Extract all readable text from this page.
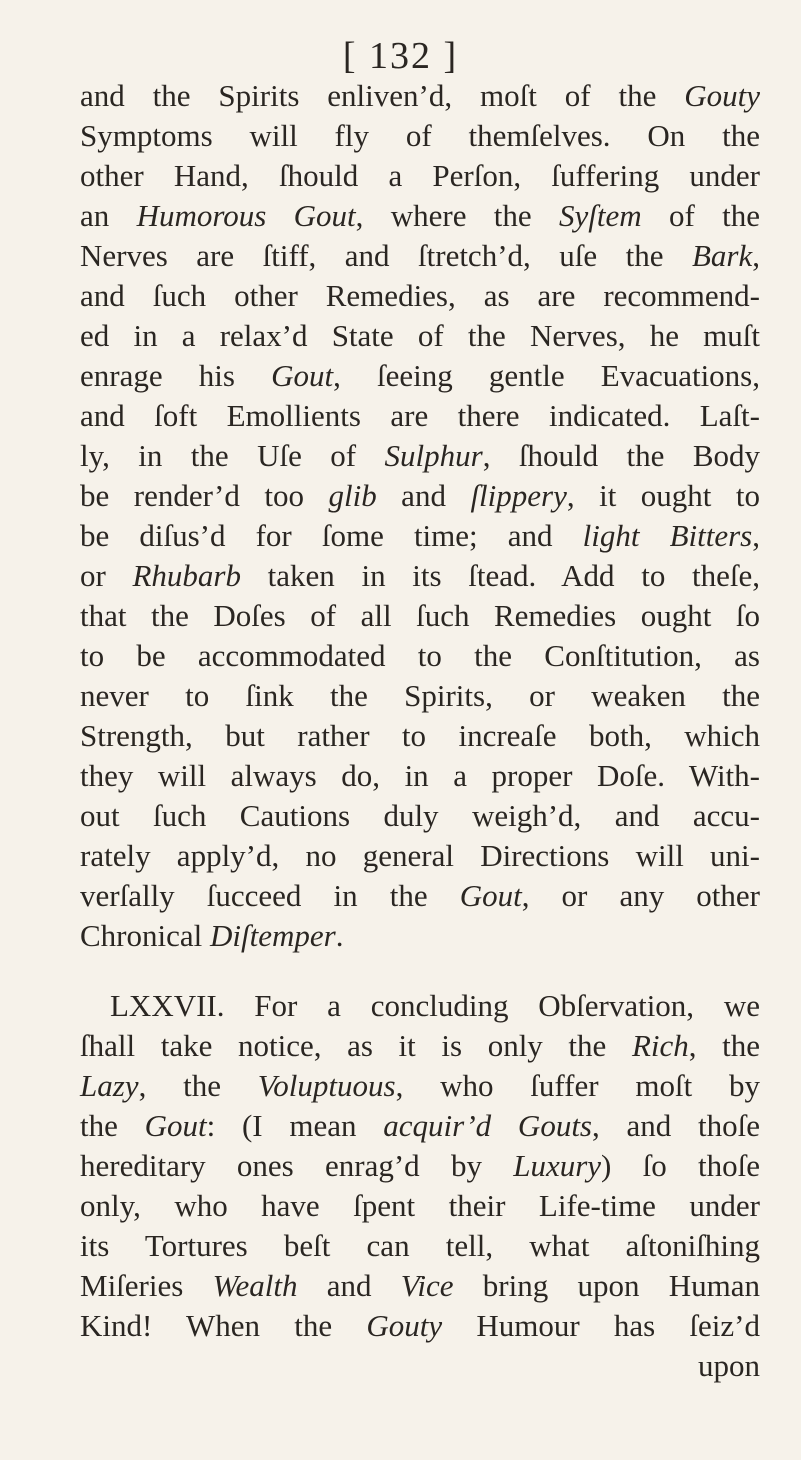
[ 132 ]
and the Spirits enliven’d, moſt of the Gouty
Symptoms will fly of themſelves. On the
other Hand, ſhould a Perſon, ſuffering under
an Humorous Gout, where the Syſtem of the
Nerves are ſtiff, and ſtretch’d, uſe the Bark,
and ſuch other Remedies, as are recommend-
ed in a relax’d State of the Nerves, he muſt
enrage his Gout, ſeeing gentle Evacuations,
and ſoft Emollients are there indicated. Laſt-
ly, in the Uſe of Sulphur, ſhould the Body
be render’d too glib and ſlippery, it ought to
be diſus’d for ſome time; and light Bitters,
or Rhubarb taken in its ſtead. Add to theſe,
that the Doſes of all ſuch Remedies ought ſo
to be accommodated to the Conſtitution, as
never to ſink the Spirits, or weaken the
Strength, but rather to increaſe both, which
they will always do, in a proper Doſe. With-
out ſuch Cautions duly weigh’d, and accu-
rately apply’d, no general Directions will uni-
verſally ſucceed in the Gout, or any other
Chronical Diſtemper.
LXXVII. For a concluding Obſervation, we
ſhall take notice, as it is only the Rich, the
Lazy, the Voluptuous, who ſuffer moſt by
the Gout: (I mean acquir’d Gouts, and thoſe
hereditary ones enrag’d by Luxury) ſo thoſe
only, who have ſpent their Life-time under
its Tortures beſt can tell, what aſtoniſhing
Miſeries Wealth and Vice bring upon Human
Kind! When the Gouty Humour has ſeiz’d
upon
